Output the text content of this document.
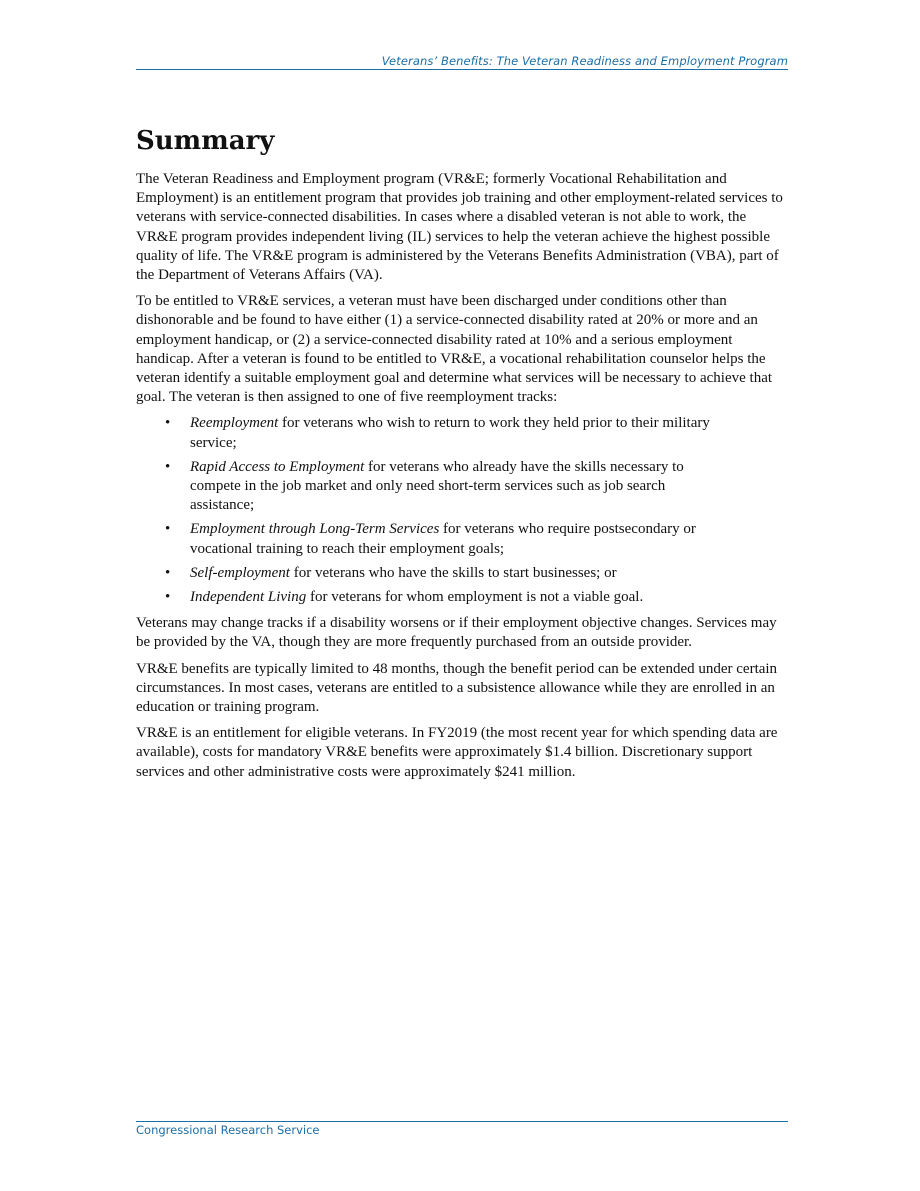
Veterans’ Benefits: The Veteran Readiness and Employment Program
Summary

The Veteran Readiness and Employment program (VR&E; formerly Vocational Rehabilitation and Employment) is an entitlement program that provides job training and other employment-related services to veterans with service-connected disabilities. In cases where a disabled veteran is not able to work, the VR&E program provides independent living (IL) services to help the veteran achieve the highest possible quality of life. The VR&E program is administered by the Veterans Benefits Administration (VBA), part of the Department of Veterans Affairs (VA).

To be entitled to VR&E services, a veteran must have been discharged under conditions other than dishonorable and be found to have either (1) a service-connected disability rated at 20% or more and an employment handicap, or (2) a service-connected disability rated at 10% and a serious employment handicap. After a veteran is found to be entitled to VR&E, a vocational rehabilitation counselor helps the veteran identify a suitable employment goal and determine what services will be necessary to achieve that goal. The veteran is then assigned to one of five reemployment tracks:

• Reemployment for veterans who wish to return to work they held prior to their military service;
• Rapid Access to Employment for veterans who already have the skills necessary to compete in the job market and only need short-term services such as job search assistance;
• Employment through Long-Term Services for veterans who require postsecondary or vocational training to reach their employment goals;
• Self-employment for veterans who have the skills to start businesses; or
• Independent Living for veterans for whom employment is not a viable goal.

Veterans may change tracks if a disability worsens or if their employment objective changes. Services may be provided by the VA, though they are more frequently purchased from an outside provider.

VR&E benefits are typically limited to 48 months, though the benefit period can be extended under certain circumstances. In most cases, veterans are entitled to a subsistence allowance while they are enrolled in an education or training program.

VR&E is an entitlement for eligible veterans. In FY2019 (the most recent year for which spending data are available), costs for mandatory VR&E benefits were approximately $1.4 billion. Discretionary support services and other administrative costs were approximately $241 million.

Congressional Research Service
